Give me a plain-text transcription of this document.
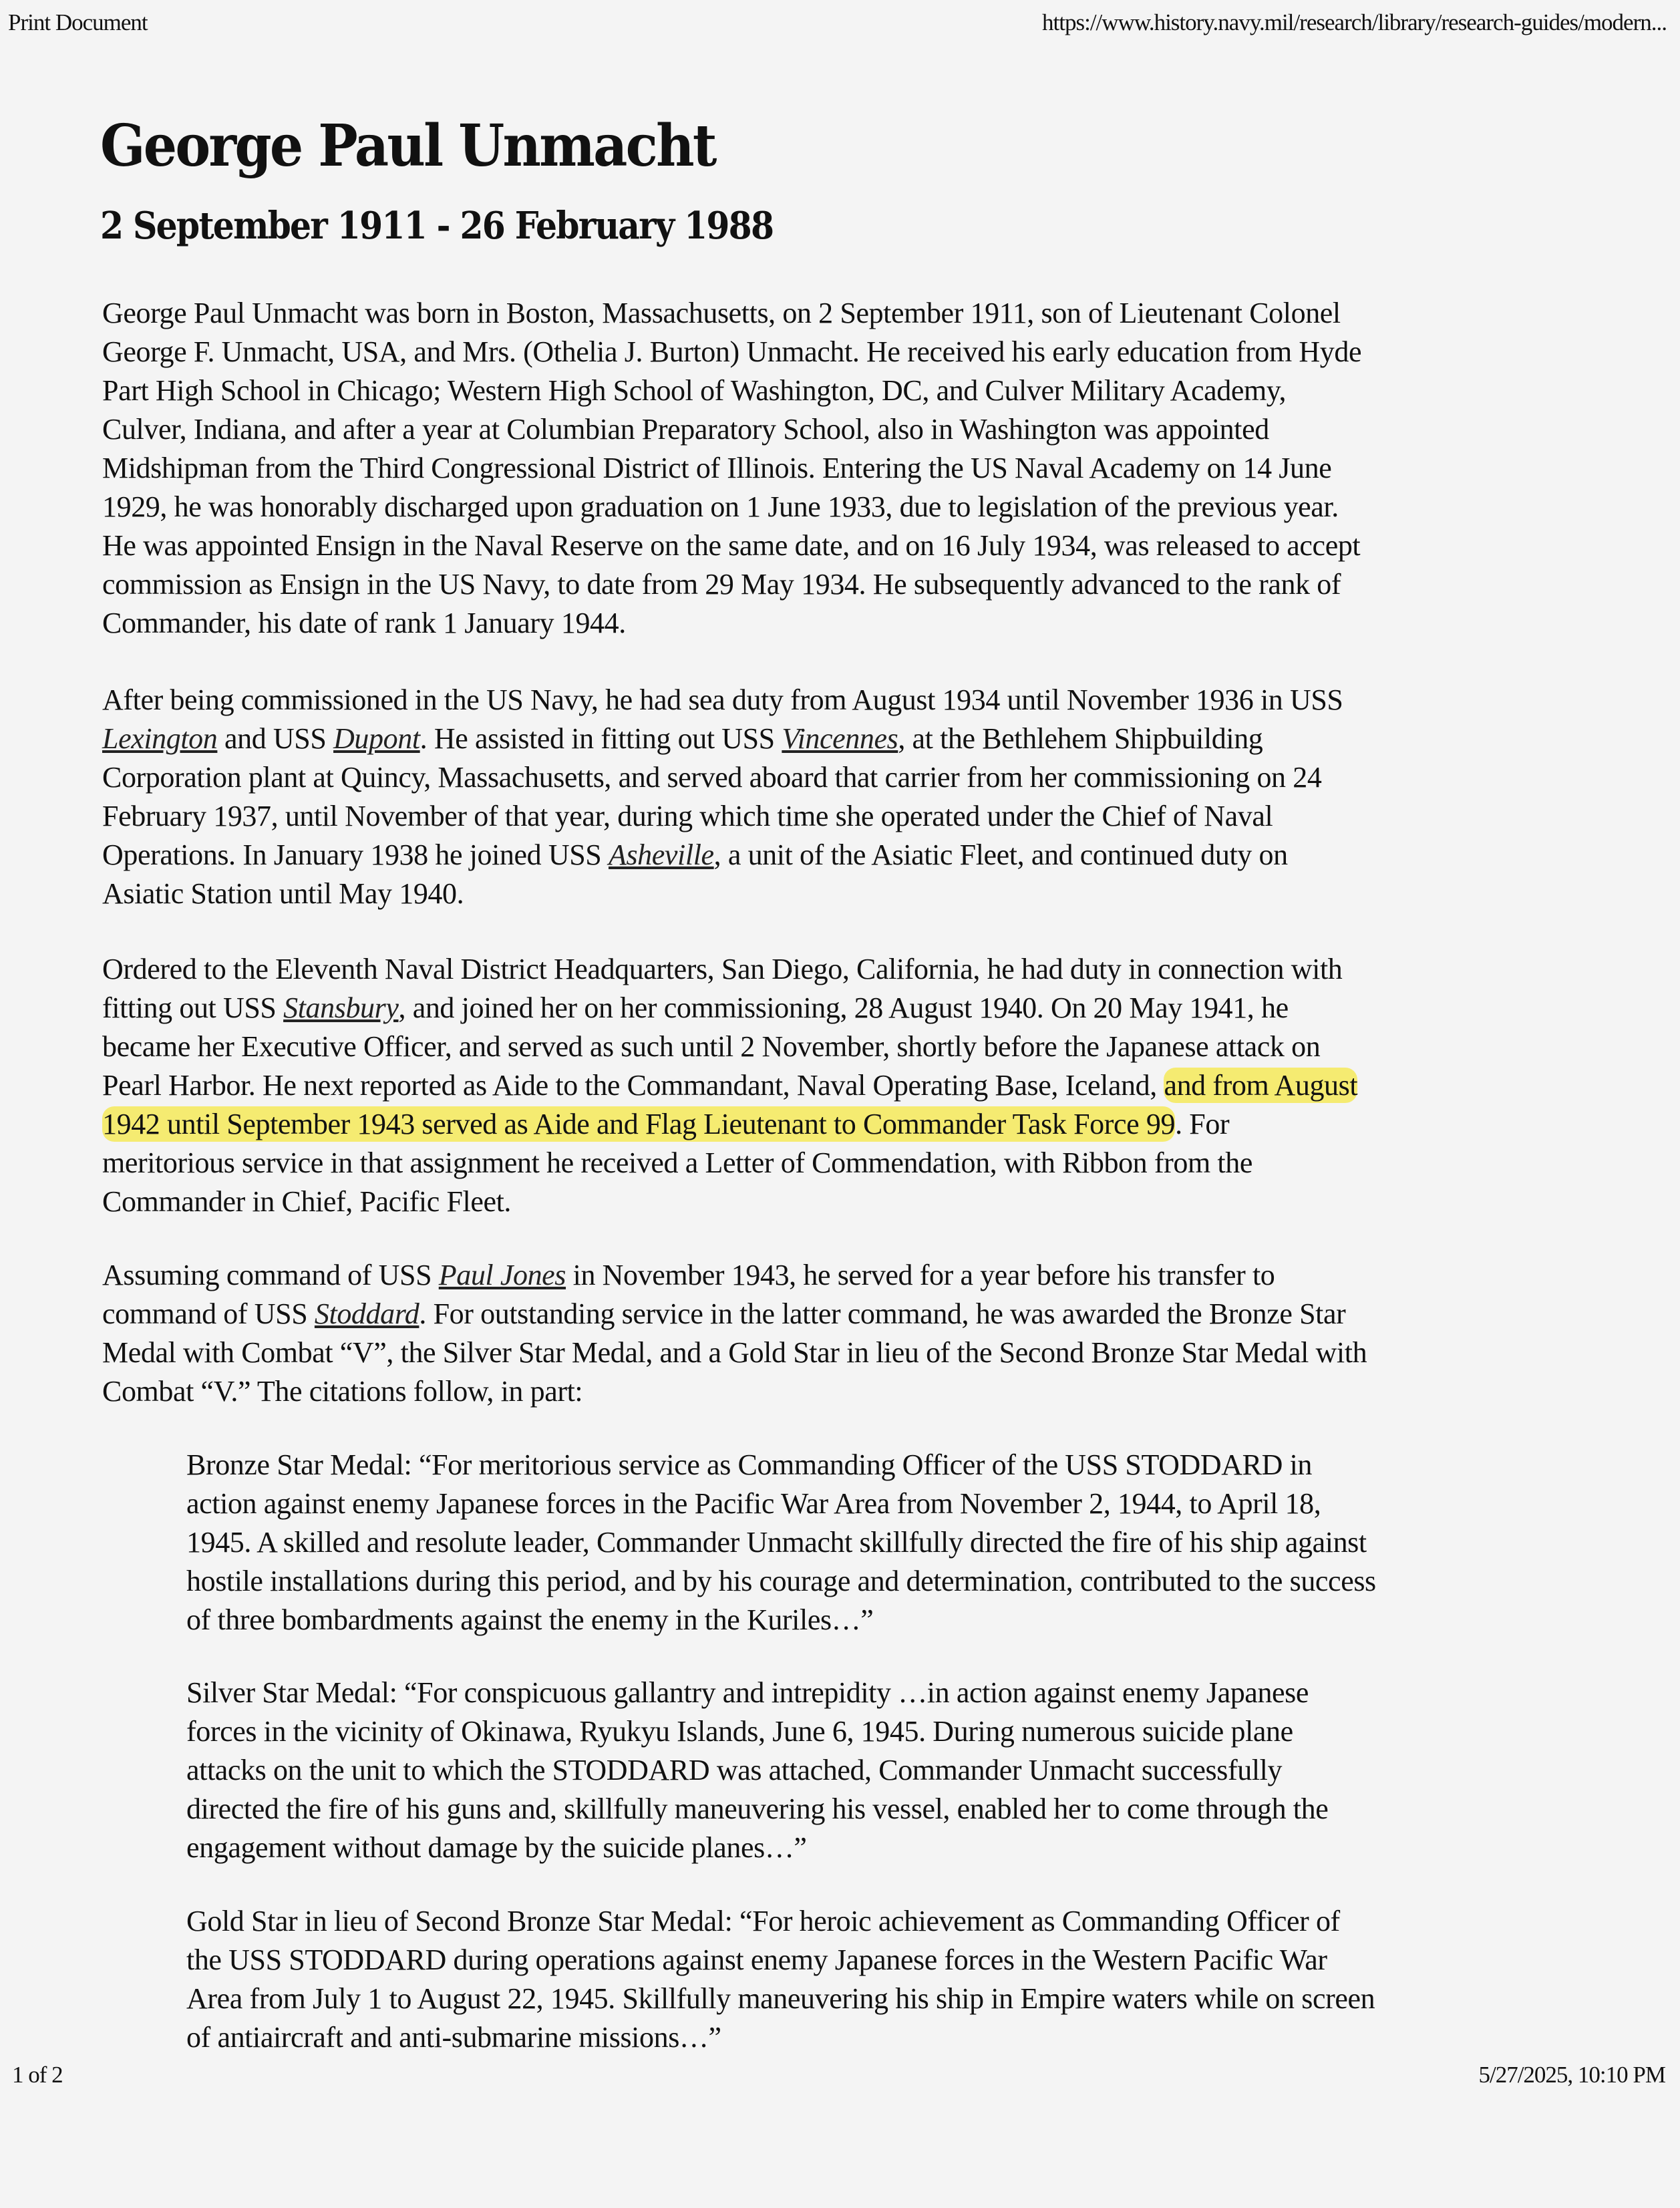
Print Document	https://www.history.navy.mil/research/library/research-guides/modern...
George Paul Unmacht
2 September 1911 - 26 February 1988
George Paul Unmacht was born in Boston, Massachusetts, on 2 September 1911, son of Lieutenant Colonel
George F. Unmacht, USA, and Mrs. (Othelia J. Burton) Unmacht. He received his early education from Hyde
Part High School in Chicago; Western High School of Washington, DC, and Culver Military Academy,
Culver, Indiana, and after a year at Columbian Preparatory School, also in Washington was appointed
Midshipman from the Third Congressional District of Illinois. Entering the US Naval Academy on 14 June
1929, he was honorably discharged upon graduation on 1 June 1933, due to legislation of the previous year.
He was appointed Ensign in the Naval Reserve on the same date, and on 16 July 1934, was released to accept
commission as Ensign in the US Navy, to date from 29 May 1934. He subsequently advanced to the rank of
Commander, his date of rank 1 January 1944.
After being commissioned in the US Navy, he had sea duty from August 1934 until November 1936 in USS
Lexington and USS Dupont. He assisted in fitting out USS Vincennes, at the Bethlehem Shipbuilding
Corporation plant at Quincy, Massachusetts, and served aboard that carrier from her commissioning on 24
February 1937, until November of that year, during which time she operated under the Chief of Naval
Operations. In January 1938 he joined USS Asheville, a unit of the Asiatic Fleet, and continued duty on
Asiatic Station until May 1940.
Ordered to the Eleventh Naval District Headquarters, San Diego, California, he had duty in connection with
fitting out USS Stansbury, and joined her on her commissioning, 28 August 1940. On 20 May 1941, he
became her Executive Officer, and served as such until 2 November, shortly before the Japanese attack on
Pearl Harbor. He next reported as Aide to the Commandant, Naval Operating Base, Iceland, and from August
1942 until September 1943 served as Aide and Flag Lieutenant to Commander Task Force 99. For
meritorious service in that assignment he received a Letter of Commendation, with Ribbon from the
Commander in Chief, Pacific Fleet.
Assuming command of USS Paul Jones in November 1943, he served for a year before his transfer to
command of USS Stoddard. For outstanding service in the latter command, he was awarded the Bronze Star
Medal with Combat “V”, the Silver Star Medal, and a Gold Star in lieu of the Second Bronze Star Medal with
Combat “V.” The citations follow, in part:
Bronze Star Medal: “For meritorious service as Commanding Officer of the USS STODDARD in
action against enemy Japanese forces in the Pacific War Area from November 2, 1944, to April 18,
1945. A skilled and resolute leader, Commander Unmacht skillfully directed the fire of his ship against
hostile installations during this period, and by his courage and determination, contributed to the success
of three bombardments against the enemy in the Kuriles…”
Silver Star Medal: “For conspicuous gallantry and intrepidity …in action against enemy Japanese
forces in the vicinity of Okinawa, Ryukyu Islands, June 6, 1945. During numerous suicide plane
attacks on the unit to which the STODDARD was attached, Commander Unmacht successfully
directed the fire of his guns and, skillfully maneuvering his vessel, enabled her to come through the
engagement without damage by the suicide planes…”
Gold Star in lieu of Second Bronze Star Medal: “For heroic achievement as Commanding Officer of
the USS STODDARD during operations against enemy Japanese forces in the Western Pacific War
Area from July 1 to August 22, 1945. Skillfully maneuvering his ship in Empire waters while on screen
of antiaircraft and anti-submarine missions…”
1 of 2	5/27/2025, 10:10 PM
